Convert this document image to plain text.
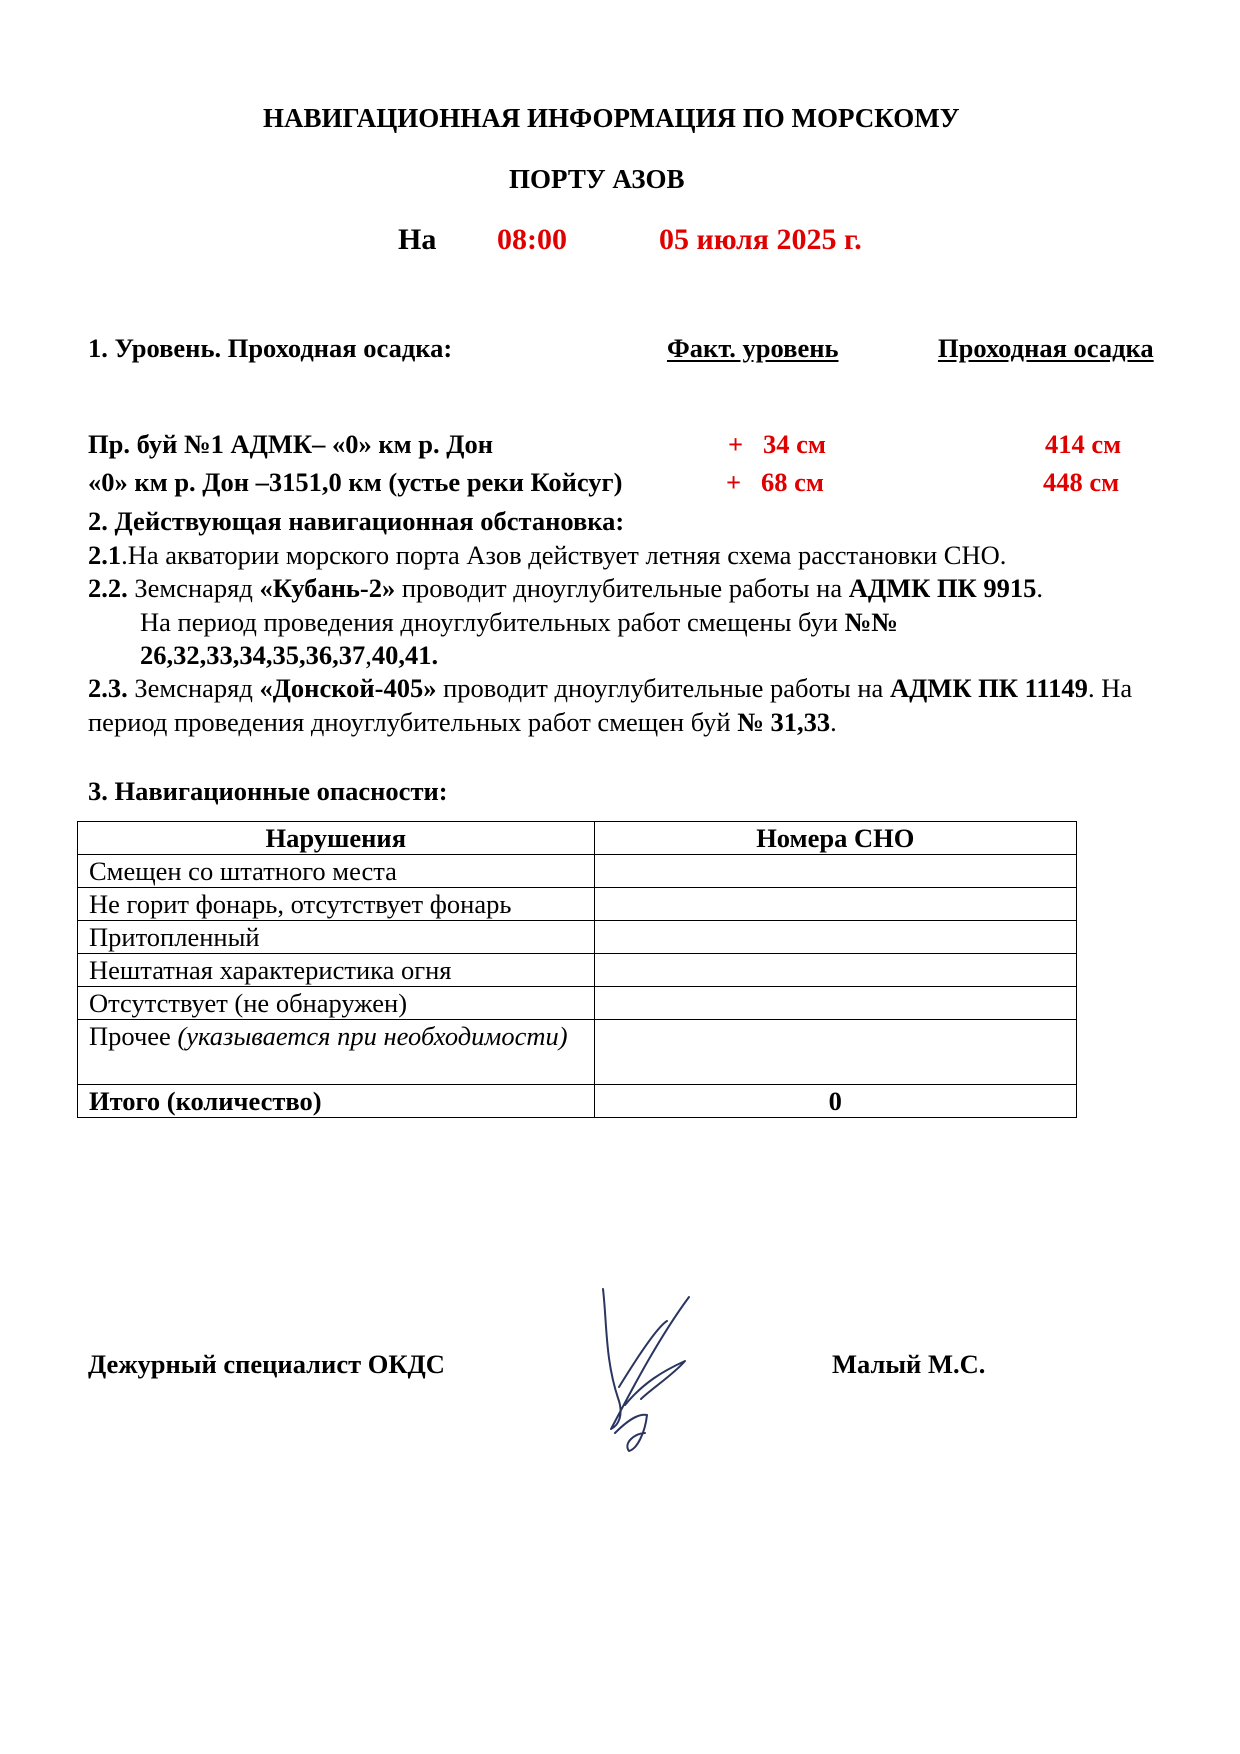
НАВИГАЦИОННАЯ ИНФОРМАЦИЯ ПО МОРСКОМУ
ПОРТУ АЗОВ
На 08:00	05 июля 2025 г.
1. Уровень. Проходная осадка:	Факт. уровень	Проходная осадка
Пр. буй №1 АДМК– «0» км р. Дон	+   34 см	414 см
«0» км р. Дон –3151,0 км (устье реки Койсуг)	+   68 см	448 см
2. Действующая навигационная обстановка:
2.1.На акватории морского порта Азов действует летняя схема расстановки СНО.
2.2. Земснаряд «Кубань-2» проводит дноуглубительные работы на АДМК ПК 9915.
На период проведения дноуглубительных работ смещены буи №№ 26,32,33,34,35,36,37,40,41.
2.3. Земснаряд «Донской-405» проводит дноуглубительные работы на АДМК ПК 11149. На период проведения дноуглубительных работ смещен буй № 31,33.
3. Навигационные опасности:
Нарушения	Номера СНО
Смещен со штатного места	
Не горит фонарь, отсутствует фонарь	
Притопленный	
Нештатная характеристика огня	
Отсутствует (не обнаружен)	
Прочее (указывается при необходимости)	
Итого (количество)	0
Дежурный специалист ОКДС	Малый М.С.
